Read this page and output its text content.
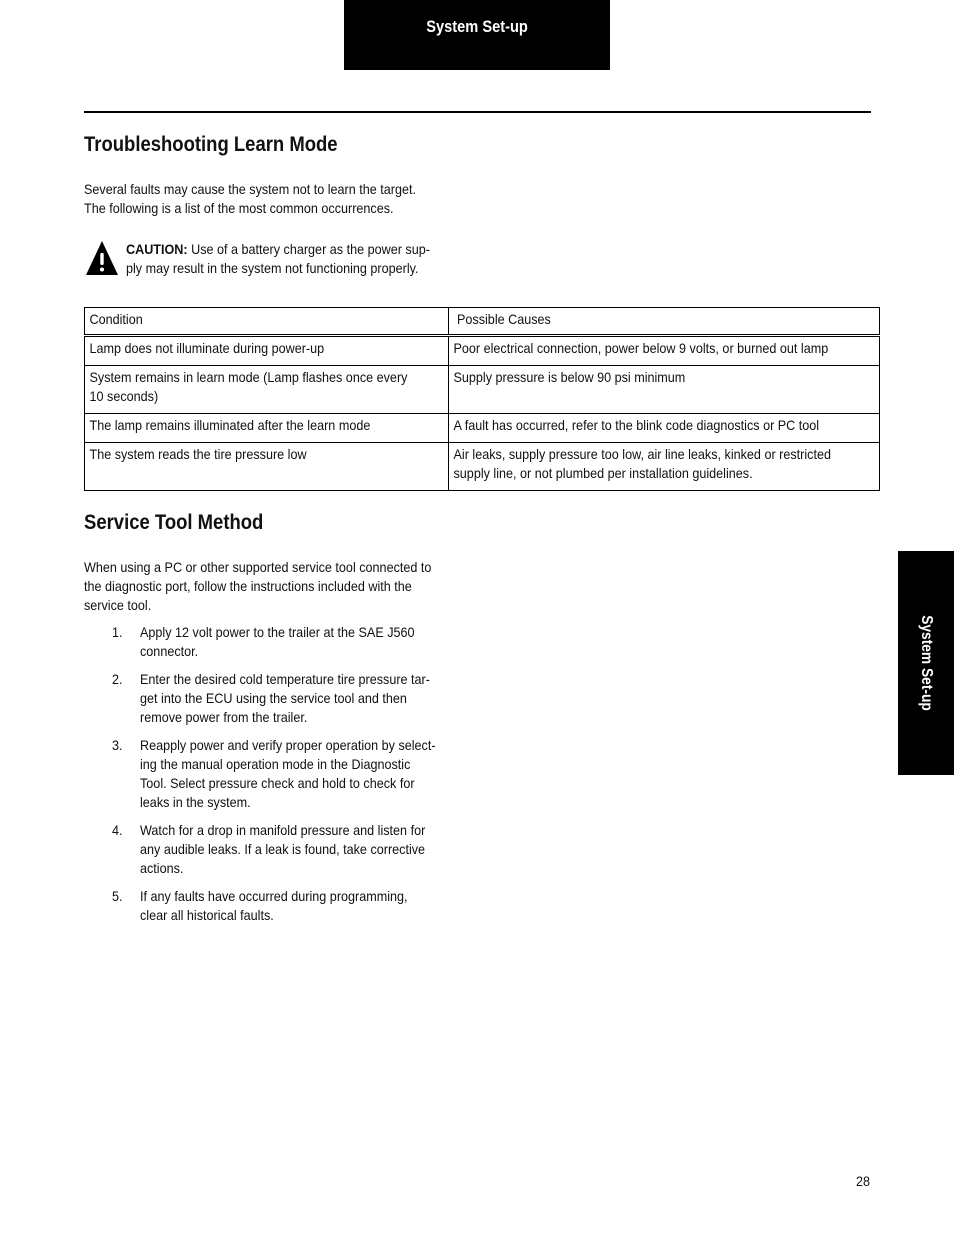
System Set-up
Troubleshooting Learn Mode
Several faults may cause the system not to learn the target.
The following is a list of the most common occurrences.
CAUTION: Use of a battery charger as the power sup-
ply may result in the system not functioning properly.
Condition	Possible Causes

Lamp does not illuminate during power-up	Poor electrical connection, power below 9 volts, or burned out lamp

System remains in learn mode (Lamp flashes once every
10 seconds)	Supply pressure is below 90 psi minimum

The lamp remains illuminated after the learn mode	A fault has occurred, refer to the blink code diagnostics or PC tool

The system reads the tire pressure low	Air leaks, supply pressure too low, air line leaks, kinked or restricted
supply line, or not plumbed per installation guidelines.
Service Tool Method
When using a PC or other supported service tool connected to
the diagnostic port, follow the instructions included with the
service tool.
1. Apply 12 volt power to the trailer at the SAE J560
connector.
2. Enter the desired cold temperature tire pressure tar-
get into the ECU using the service tool and then
remove power from the trailer.
3. Reapply power and verify proper operation by select-
ing the manual operation mode in the Diagnostic
Tool. Select pressure check and hold to check for
leaks in the system.
4. Watch for a drop in manifold pressure and listen for
any audible leaks. If a leak is found, take corrective
actions.
5. If any faults have occurred during programming,
clear all historical faults.
System Set-up
28
